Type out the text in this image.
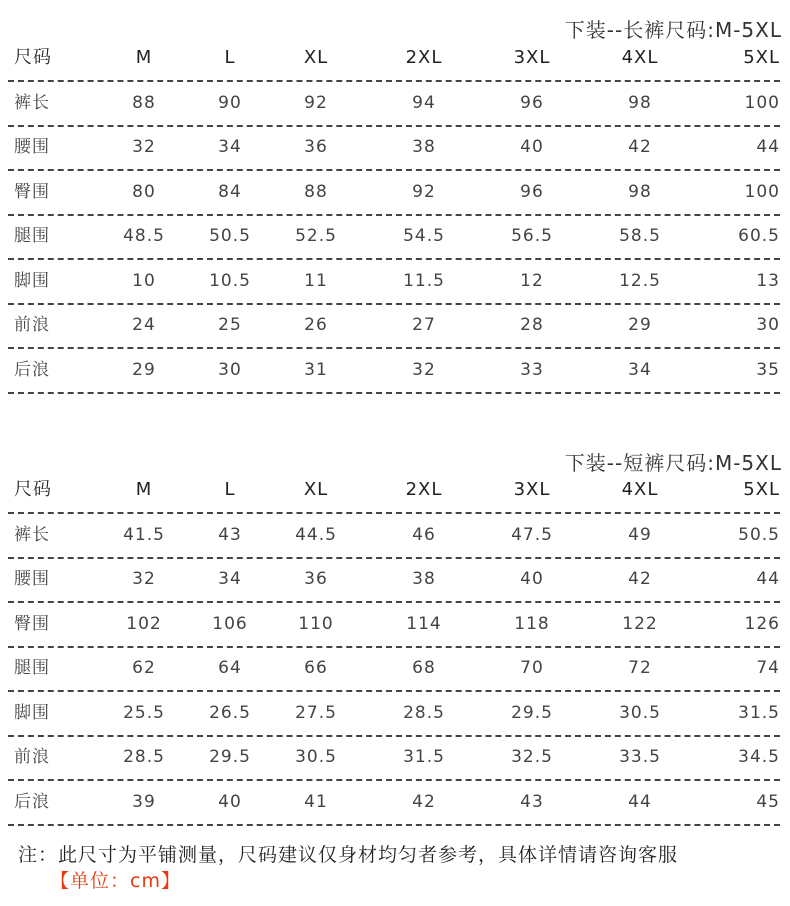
下装--长裤尺码:M-5XL
尺码	M	L	XL	2XL	3XL	4XL	5XL
裤长	88	90	92	94	96	98	100
腰围	32	34	36	38	40	42	44
臀围	80	84	88	92	96	98	100
腿围	48.5	50.5	52.5	54.5	56.5	58.5	60.5
脚围	10	10.5	11	11.5	12	12.5	13
前浪	24	25	26	27	28	29	30
后浪	29	30	31	32	33	34	35
下装--短裤尺码:M-5XL
尺码	M	L	XL	2XL	3XL	4XL	5XL
裤长	41.5	43	44.5	46	47.5	49	50.5
腰围	32	34	36	38	40	42	44
臀围	102	106	110	114	118	122	126
腿围	62	64	66	68	70	72	74
脚围	25.5	26.5	27.5	28.5	29.5	30.5	31.5
前浪	28.5	29.5	30.5	31.5	32.5	33.5	34.5
后浪	39	40	41	42	43	44	45
注：此尺寸为平铺测量，尺码建议仅身材均匀者参考，具体详情请咨询客服
【单位：cm】
